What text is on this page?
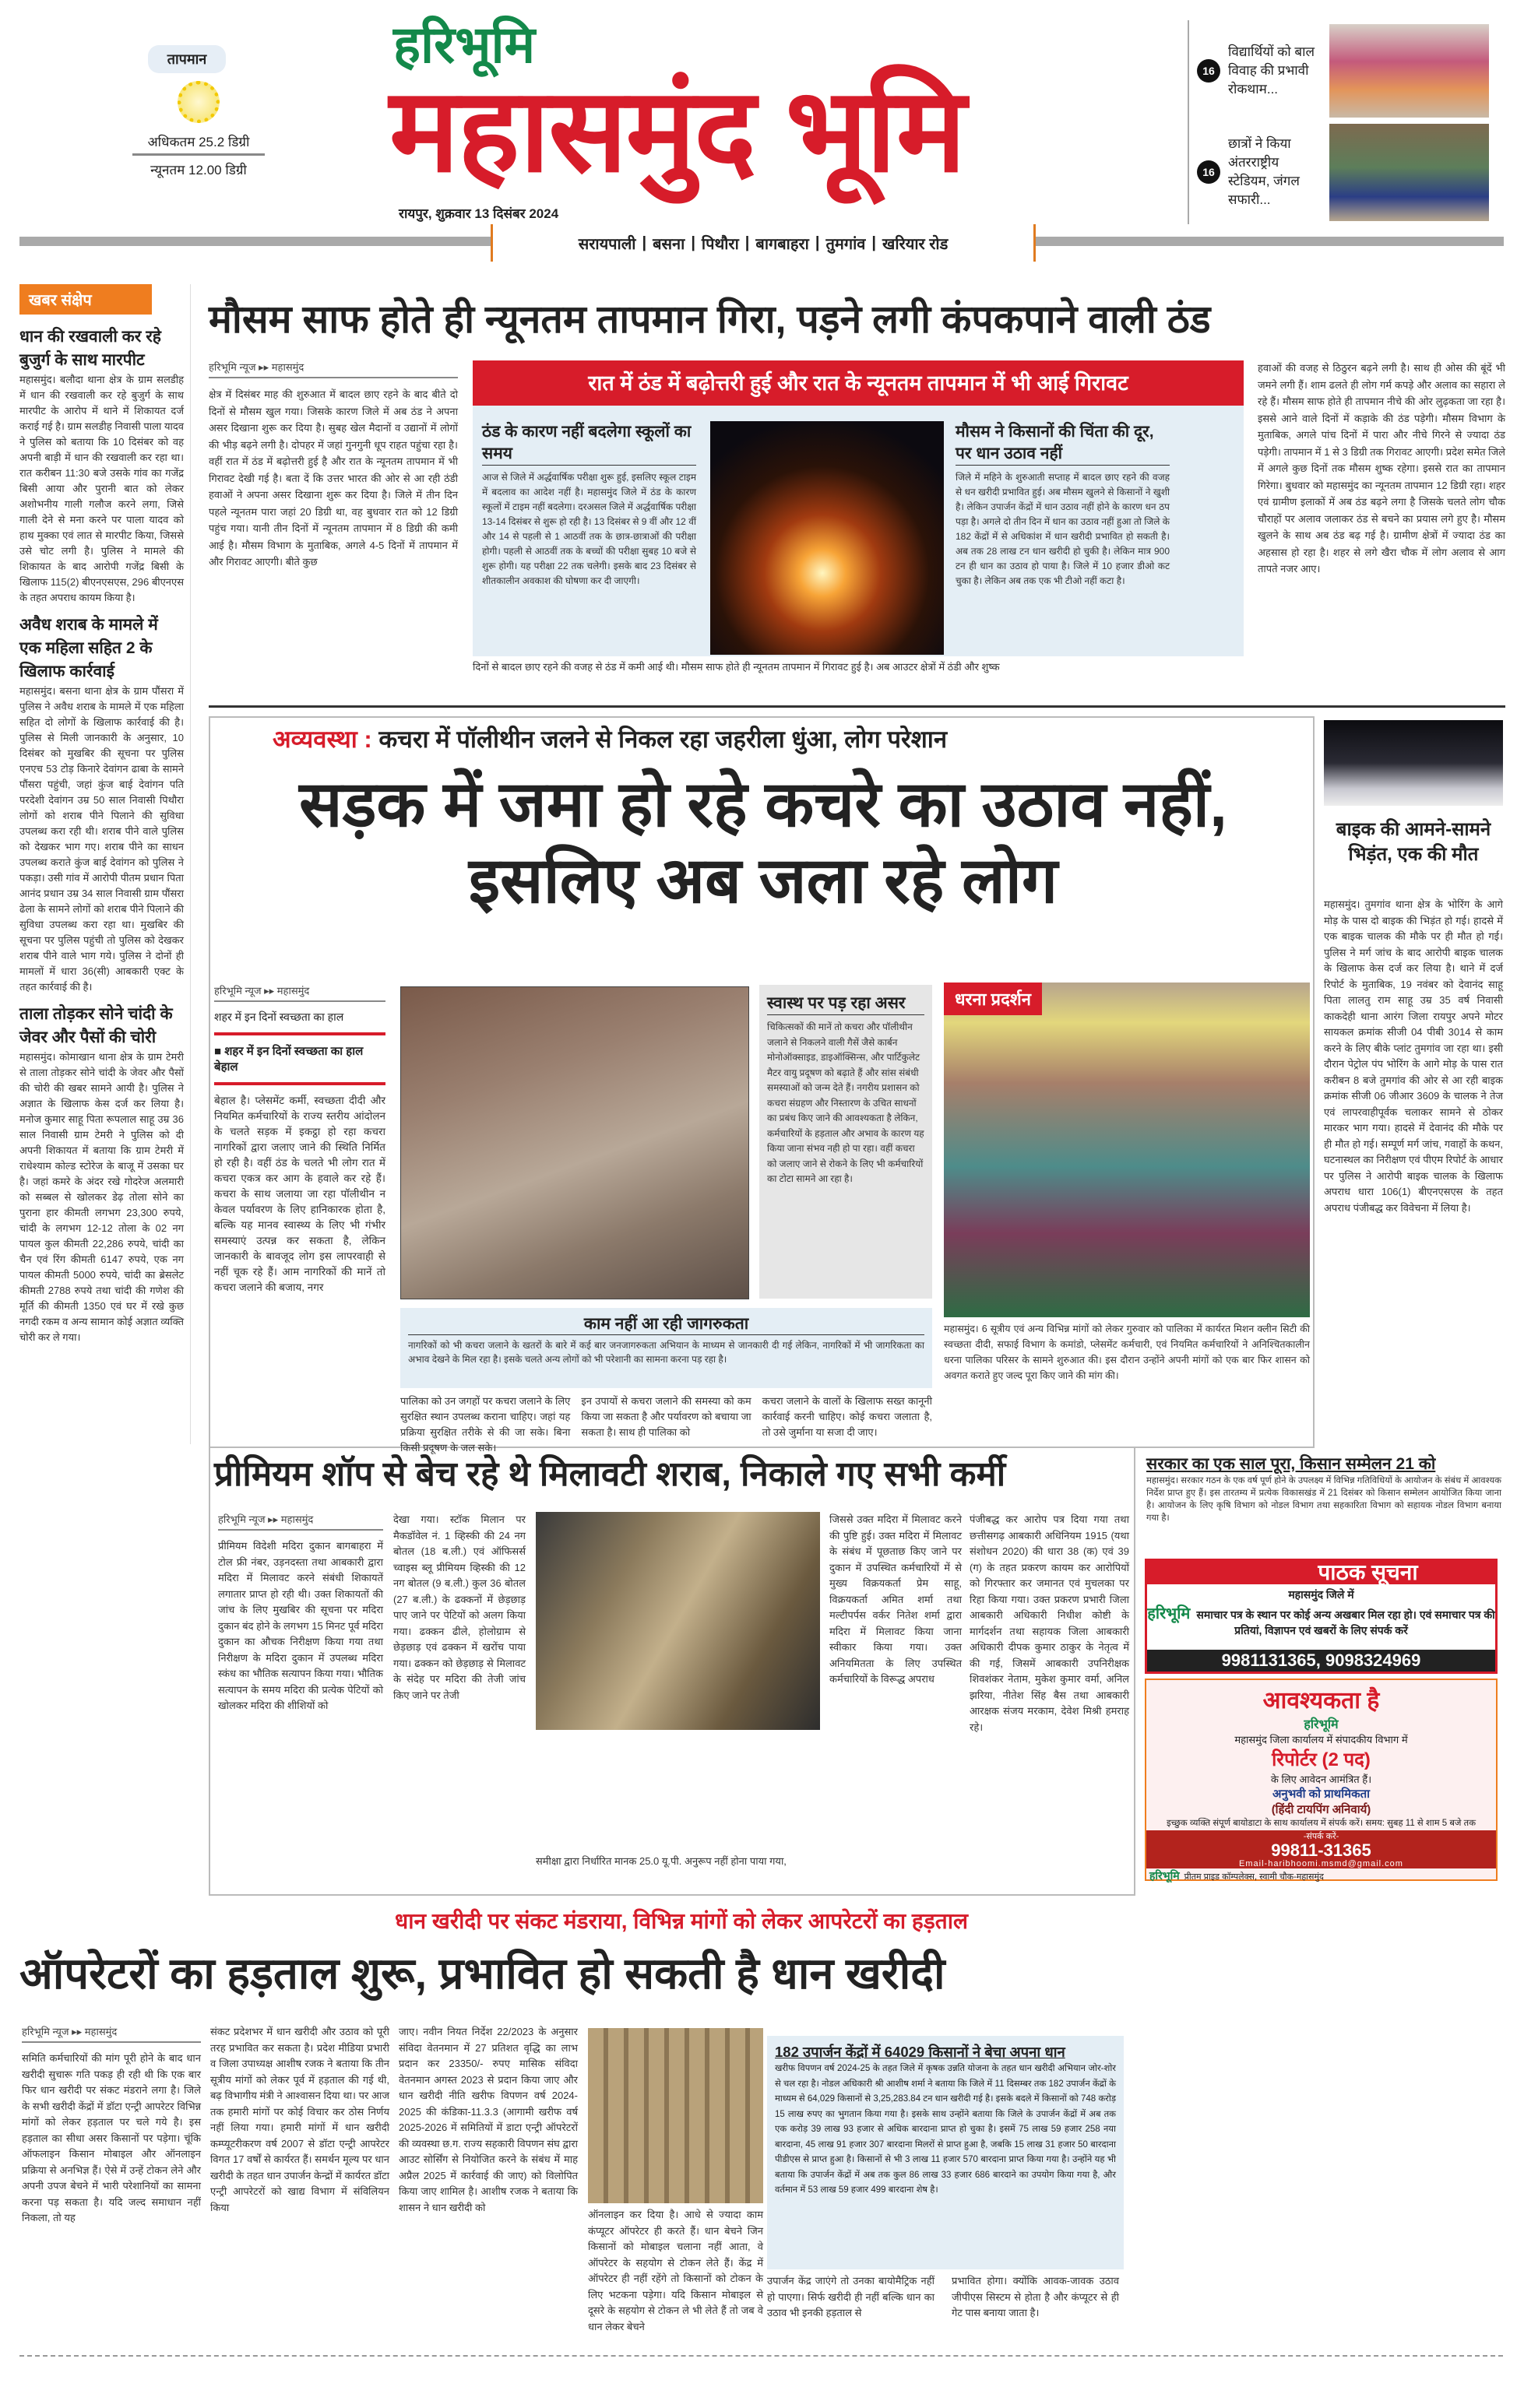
तापमान
अधिकतम 25.2 डिग्री
न्यूनतम 12.00 डिग्री
हरिभूमि
महासमुंद भूमि
रायपुर, शुक्रवार 13 दिसंबर 2024
16
विद्यार्थियों को बाल विवाह की प्रभावी रोकथाम...
16
छात्रों ने किया अंतरराष्ट्रीय स्टेडियम, जंगल सफारी...
सरायपाली | बसना | पिथौरा | बागबाहरा | तुमगांव | खरियार रोड
खबर संक्षेप
धान की रखवाली कर रहे बुजुर्ग के साथ मारपीट
महासमुंद। बलौदा थाना क्षेत्र के ग्राम सलडीह में धान की रखवाली कर रहे बुजुर्ग के साथ मारपीट के आरोप में थाने में शिकायत दर्ज कराई गई है। ग्राम सलडीह निवासी पाला यादव ने पुलिस को बताया कि 10 दिसंबर को वह अपनी बाड़ी में धान की रखवाली कर रहा था। रात करीबन 11:30 बजे उसके गांव का गजेंद्र बिसी आया और पुरानी बात को लेकर अशोभनीय गाली गलौज करने लगा, जिसे गाली देने से मना करने पर पाला यादव को हाथ मुक्का एवं लात से मारपीट किया, जिससे उसे चोट लगी है। पुलिस ने मामले की शिकायत के बाद आरोपी गजेंद्र बिसी के खिलाफ 115(2) बीएनएसएस, 296 बीएनएस के तहत अपराध कायम किया है।
अवैध शराब के मामले में एक महिला सहित 2 के खिलाफ कार्रवाई
महासमुंद। बसना थाना क्षेत्र के ग्राम पौंसरा में पुलिस ने अवैध शराब के मामले में एक महिला सहित दो लोगों के खिलाफ कार्रवाई की है। पुलिस से मिली जानकारी के अनुसार, 10 दिसंबर को मुखबिर की सूचना पर पुलिस एनएच 53 टोड़ किनारे देवांगन ढाबा के सामने पौंसरा पहुंची, जहां कुंज बाई देवांगन पति परदेशी देवांगन उम्र 50 साल निवासी पिथौरा लोगों को शराब पीने पिलाने की सुविधा उपलब्ध करा रही थी। शराब पीने वाले पुलिस को देखकर भाग गए। शराब पीने का साधन उपलब्ध कराते कुंज बाई देवांगन को पुलिस ने पकड़ा। उसी गांव में आरोपी पीतम प्रधान पिता आनंद प्रधान उम्र 34 साल निवासी ग्राम पौंसरा ढेला के सामने लोगों को शराब पीने पिलाने की सुविधा उपलब्ध करा रहा था। मुखबिर की सूचना पर पुलिस पहुंची तो पुलिस को देखकर शराब पीने वाले भाग गये। पुलिस ने दोनों ही मामलों में धारा 36(सी) आबकारी एक्ट के तहत कार्रवाई की है।
ताला तोड़कर सोने चांदी के जेवर और पैसों की चोरी
महासमुंद। कोमाखान थाना क्षेत्र के ग्राम टेमरी से ताला तोड़कर सोने चांदी के जेवर और पैसों की चोरी की खबर सामने आयी है। पुलिस ने अज्ञात के खिलाफ केस दर्ज कर लिया है। मनोज कुमार साहू पिता रूपलाल साहू उम्र 36 साल निवासी ग्राम टेमरी ने पुलिस को दी अपनी शिकायत में बताया कि ग्राम टेमरी में राधेश्याम कोल्ड स्टोरेज के बाजू में उसका घर है। जहां कमरे के अंदर रखे गोदरेज अलमारी को सब्बल से खोलकर डेढ़ तोला सोने का पुराना हार कीमती लगभग 23,300 रुपये, चांदी के लगभग 12-12 तोला के 02 नग पायल कुल कीमती 22,286 रुपये, चांदी का चैन एवं रिंग कीमती 6147 रुपये, एक नग पायल कीमती 5000 रुपये, चांदी का ब्रेसलेट कीमती 2788 रुपये तथा चांदी की गणेश की मूर्ति की कीमती 1350 एवं घर में रखे कुछ नगदी रकम व अन्य सामान कोई अज्ञात व्यक्ति चोरी कर ले गया।
मौसम साफ होते ही न्यूनतम तापमान गिरा, पड़ने लगी कंपकपाने वाली ठंड
हरिभूमि न्यूज ▸▸ महासमुंद
क्षेत्र में दिसंबर माह की शुरुआत में बादल छाए रहने के बाद बीते दो दिनों से मौसम खुल गया। जिसके कारण जिले में अब ठंड ने अपना असर दिखाना शुरू कर दिया है। सुबह खेल मैदानों व उद्यानों में लोगों की भीड़ बढ़ने लगी है। दोपहर में जहां गुनगुनी धूप राहत पहुंचा रहा है। वहीं रात में ठंड में बढ़ोत्तरी हुई है और रात के न्यूनतम तापमान में भी गिरावट देखी गई है। बता दें कि उत्तर भारत की ओर से आ रही ठंडी हवाओं ने अपना असर दिखाना शुरू कर दिया है। जिले में तीन दिन पहले न्यूनतम पारा जहां 20 डिग्री था, वह बुधवार रात को 12 डिग्री पहुंच गया। यानी तीन दिनों में न्यूनतम तापमान में 8 डिग्री की कमी आई है। मौसम विभाग के मुताबिक, अगले 4-5 दिनों में तापमान में और गिरावट आएगी। बीते कुछ
रात में ठंड में बढ़ोत्तरी हुई और रात के न्यूनतम तापमान में भी आई गिरावट
ठंड के कारण नहीं बदलेगा स्कूलों का समय
आज से जिले में अर्द्धवार्षिक परीक्षा शुरू हुई, इसलिए स्कूल टाइम में बदलाव का आदेश नहीं है। महासमुंद जिले में ठंड के कारण स्कूलों में टाइम नहीं बदलेगा। दरअसल जिले में अर्द्धवार्षिक परीक्षा 13-14 दिसंबर से शुरू हो रही है। 13 दिसंबर से 9 वीं और 12 वीं और 14 से पहली से 1 आठवीं तक के छात्र-छात्राओं की परीक्षा होगी। पहली से आठवीं तक के बच्चों की परीक्षा सुबह 10 बजे से शुरू होगी। यह परीक्षा 22 तक चलेगी। इसके बाद 23 दिसंबर से शीतकालीन अवकाश की घोषणा कर दी जाएगी।
मौसम ने किसानों की चिंता की दूर, पर धान उठाव नहीं
जिले में महिने के शुरुआती सप्ताह में बादल छाए रहने की वजह से धन खरीदी प्रभावित हुई। अब मौसम खुलने से किसानों ने खुशी है। लेकिन उपार्जन केंद्रों में धान उठाव नहीं होने के कारण धन ठप पड़ा है। अगले दो तीन दिन में धान का उठाव नहीं हुआ तो जिले के 182 केंद्रों में से अधिकांश में धान खरीदी प्रभावित हो सकती है। अब तक 28 लाख टन धान खरीदी हो चुकी है। लेकिन मात्र 900 टन ही धान का उठाव हो पाया है। जिले में 10 हजार डीओ कट चुका है। लेकिन अब तक एक भी टीओ नहीं कटा है।
दिनों से बादल छाए रहने की वजह से ठंड में कमी आई थी। मौसम साफ होते ही न्यूनतम तापमान में गिरावट हुई है। अब आउटर क्षेत्रों में ठंडी और शुष्क
हवाओं की वजह से ठिठुरन बढ़ने लगी है। साथ ही ओस की बूंदें भी जमने लगी हैं। शाम ढलते ही लोग गर्म कपड़े और अलाव का सहारा ले रहे हैं। मौसम साफ होते ही तापमान नीचे की ओर लुढ़कता जा रहा है। इससे आने वाले दिनों में कड़ाके की ठंड पड़ेगी। मौसम विभाग के मुताबिक, अगले पांच दिनों में पारा और नीचे गिरने से ज्यादा ठंड पड़ेगी। तापमान में 1 से 3 डिग्री तक गिरावट आएगी। प्रदेश समेत जिले में अगले कुछ दिनों तक मौसम शुष्क रहेगा। इससे रात का तापमान गिरेगा। बुधवार को महासमुंद का न्यूनतम तापमान 12 डिग्री रहा। शहर एवं ग्रामीण इलाकों में अब ठंड बढ़ने लगा है जिसके चलते लोग चौक चौराहों पर अलाव जलाकर ठंड से बचने का प्रयास लगे हुए है। मौसम खुलने के साथ अब ठंड बढ़ गई है। ग्रामीण क्षेत्रों में ज्यादा ठंड का अहसास हो रहा है। शहर से लगे खैरा चौक में लोग अलाव से आग तापते नजर आए।
अव्यवस्था : कचरा में पॉलीथीन जलने से निकल रहा जहरीला धुंआ, लोग परेशान
सड़क में जमा हो रहे कचरे का उठाव नहीं, इसलिए अब जला रहे लोग
हरिभूमि न्यूज ▸▸ महासमुंद
शहर में इन दिनों स्वच्छता का हाल
■ शहर में इन दिनों स्वच्छता का हाल बेहाल
बेहाल है। प्लेसमेंट कर्मी, स्वच्छता दीदी और नियमित कर्मचारियों के राज्य स्तरीय आंदोलन के चलते सड़क में इकट्ठा हो रहा कचरा नागरिकों द्वारा जलाए जाने की स्थिति निर्मित हो रही है। वहीं ठंड के चलते भी लोग रात में कचरा एकत्र कर आग के हवाले कर रहे हैं। कचरा के साथ जलाया जा रहा पॉलीथीन न केवल पर्यावरण के लिए हानिकारक होता है, बल्कि यह मानव स्वास्थ्य के लिए भी गंभीर समस्याएं उत्पन्न कर सकता है, लेकिन जानकारी के बावजूद लोग इस लापरवाही से नहीं चूक रहे हैं। आम नागरिकों की मानें तो कचरा जलाने की बजाय, नगर
स्वास्थ पर पड़ रहा असर
चिकित्सकों की मानें तो कचरा और पॉलीथीन जलाने से निकलने वाली गैसें जैसे कार्बन मोनोऑक्साइड, डाइऑक्सिन्स, और पार्टिकुलेट मैटर वायु प्रदूषण को बढ़ाते हैं और सांस संबंधी समस्याओं को जन्म देते हैं। नगरीय प्रशासन को कचरा संग्रहण और निस्तारण के उचित साधनों का प्रबंध किए जाने की आवश्यकता है लेकिन, कर्मचारियों के हड़ताल और अभाव के कारण यह किया जाना संभव नही हो पा रहा। वहीं कचरा को जलाए जाने से रोकने के लिए भी कर्मचारियों का टोटा सामने आ रहा है।
काम नहीं आ रही जागरुकता
नागरिकों को भी कचरा जलाने के खतरों के बारे में कई बार जनजागरुकता अभियान के माध्यम से जानकारी दी गई लेकिन, नागरिकों में भी जागरिकता का अभाव देखने के मिल रहा है। इसके चलते अन्य लोगों को भी परेशानी का सामना करना पड़ रहा है।
पालिका को उन जगहों पर कचरा जलाने के लिए सुरक्षित स्थान उपलब्ध कराना चाहिए। जहां यह प्रक्रिया सुरक्षित तरीके से की जा सके। बिना किसी प्रदूषण के जल सके।
इन उपायों से कचरा जलाने की समस्या को कम किया जा सकता है और पर्यावरण को बचाया जा सकता है। साथ ही पालिका को
कचरा जलाने के वालों के खिलाफ सख्त कानूनी कार्रवाई करनी चाहिए। कोई कचरा जलाता है, तो उसे जुर्माना या सजा दी जाए।
धरना प्रदर्शन
महासमुंद। 6 सूत्रीय एवं अन्य विभिन्न मांगों को लेकर गुरुवार को पालिका में कार्यरत मिशन क्लीन सिटी की स्वच्छता दीदी, सफाई विभाग के कमांडो, प्लेसमेंट कर्मचारी, एवं नियमित कर्मचारियों ने अनिश्चितकालीन धरना पालिका परिसर के सामने शुरुआत की। इस दौरान उन्होंने अपनी मांगों को एक बार फिर शासन को अवगत कराते हुए जल्द पूरा किए जाने की मांग की।
बाइक की आमने-सामने भिड़ंत, एक की मौत
महासमुंद। तुमगांव थाना क्षेत्र के भोरिंग के आगे मोड़ के पास दो बाइक की भिड़ंत हो गई। हादसे में एक बाइक चालक की मौके पर ही मौत हो गई। पुलिस ने मर्ग जांच के बाद आरोपी बाइक चालक के खिलाफ केस दर्ज कर लिया है। थाने में दर्ज रिपोर्ट के मुताबिक, 19 नवंबर को देवानंद साहू पिता लालतु राम साहू उम्र 35 वर्ष निवासी काकदेही थाना आरंग जिला रायपुर अपने मोटर सायकल क्रमांक सीजी 04 पीबी 3014 से काम करने के लिए बीके प्लांट तुमगांव जा रहा था। इसी दौरान पेट्रोल पंप भोरिंग के आगे मोड़ के पास रात करीबन 8 बजे तुमगांव की ओर से आ रही बाइक क्रमांक सीजी 06 जीआर 3609 के चालक ने तेज एवं लापरवाहीपूर्वक चलाकर सामने से ठोकर मारकर भाग गया। हादसे में देवानंद की मौके पर ही मौत हो गई। सम्पूर्ण मर्ग जांच, गवाहों के कथन, घटनास्थल का निरीक्षण एवं पीएम रिपोर्ट के आधार पर पुलिस ने आरोपी बाइक चालक के खिलाफ अपराध धारा 106(1) बीएनएसएस के तहत अपराध पंजीबद्ध कर विवेचना में लिया है।
प्रीमियम शॉप से बेच रहे थे मिलावटी शराब, निकाले गए सभी कर्मी
हरिभूमि न्यूज ▸▸ महासमुंद
प्रीमियम विदेशी मदिरा दुकान बागबाहरा में टोल फ्री नंबर, उड़नदस्ता तथा आबकारी द्वारा मदिरा में मिलावट करने संबंधी शिकायतें लगातार प्राप्त हो रही थी। उक्त शिकायतों की जांच के लिए मुखबिर की सूचना पर मदिरा दुकान बंद होने के लगभग 15 मिनट पूर्व मदिरा दुकान का औचक निरीक्षण किया गया तथा निरीक्षण के मदिरा दुकान में उपलब्ध मदिरा स्कंध का भौतिक सत्यापन किया गया। भौतिक सत्यापन के समय मदिरा की प्रत्येक पेटियों को खोलकर मदिरा की शीशियों को
देखा गया। स्टॉक मिलान पर मैकडॉवेल नं. 1 व्हिस्की की 24 नग बोतल (18 ब.ली.) एवं ऑफिसर्स च्वाइस ब्लू प्रीमियम व्हिस्की की 12 नग बोतल (9 ब.ली.) कुल 36 बोतल (27 ब.ली.) के ढक्कनों में छेड़छाड़ पाए जाने पर पेटियों को अलग किया गया। ढक्कन ढीले, होलोग्राम से छेड़छाड़ एवं ढक्कन में खरोंच पाया गया। ढक्कन को छेड़छाड़ से मिलावट के संदेह पर मदिरा की तेजी जांच किए जाने पर तेजी
समीक्षा द्वारा निर्धारित मानक 25.0 यू.पी. अनुरूप नहीं होना पाया गया,
जिससे उक्त मदिरा में मिलावट करने की पुष्टि हुई। उक्त मदिरा में मिलावट के संबंध में पूछताछ किए जाने पर दुकान में उपस्थित कर्मचारियों में से मुख्य विक्रयकर्ता प्रेम साहू, विक्रयकर्ता अमित शर्मा तथा मल्टीपर्पस वर्कर नितेश शर्मा द्वारा मदिरा में मिलावट किया जाना स्वीकार किया गया। उक्त अनियमितता के लिए उपस्थित कर्मचारियों के विरूद्ध अपराध
पंजीबद्ध कर आरोप पत्र दिया गया तथा छत्तीसगढ़ आबकारी अधिनियम 1915 (यथा संशोधन 2020) की धारा 38 (क) एवं 39 (ग) के तहत प्रकरण कायम कर आरोपियों को गिरफ्तार कर जमानत एवं मुचलका पर रिहा किया गया। उक्त प्रकरण प्रभारी जिला आबकारी अधिकारी निधीश कोष्टी के मार्गदर्शन तथा सहायक जिला आबकारी अधिकारी दीपक कुमार ठाकुर के नेतृत्व में की गई, जिसमें आबकारी उपनिरीक्षक शिवशंकर नेताम, मुकेश कुमार वर्मा, अनिल झरिया, नीतेश सिंह बैस तथा आबकारी आरक्षक संजय मरकाम, देवेश मिश्री हमराह रहे।
सरकार का एक साल पूरा, किसान सम्मेलन 21 को
महासमुंद। सरकार गठन के एक वर्ष पूर्ण होने के उपलक्ष्य में विभिन्न गतिविधियों के आयोजन के संबंध में आवश्यक निर्देश प्राप्त हुए हैं। इस तारतम्य में प्रत्येक विकासखंड में 21 दिसंबर को किसान सम्मेलन आयोजित किया जाना है। आयोजन के लिए कृषि विभाग को नोडल विभाग तथा सहकारिता विभाग को सहायक नोडल विभाग बनाया गया है।
पाठक सूचना
महासमुंद जिले में
हरिभूमि समाचार पत्र के स्थान पर कोई अन्य अखबार मिल रहा हो। एवं समाचार पत्र की प्रतियां, विज्ञापन एवं खबरों के लिए संपर्क करें
9981131365, 9098324969
आवश्यकता है
हरिभूमि
महासमुंद जिला कार्यालय में संपादकीय विभाग में
रिपोर्टर (2 पद)
के लिए आवेदन आमंत्रित हैं।
अनुभवी को प्राथमिकता
(हिंदी टायपिंग अनिवार्य)
इच्छुक व्यक्ति संपूर्ण बायोडाटा के साथ कार्यालय में संपर्क करें। समय: सुबह 11 से शाम 5 बजे तक
-संपर्क करें-
99811-31365
Email-haribhoomi.msmd@gmail.com
हरिभूमि प्रीतम प्राइड कॉम्पलेक्स, स्वामी चौक-महासमुंद
धान खरीदी पर संकट मंडराया, विभिन्न मांगों को लेकर आपरेटरों का हड़ताल
ऑपरेटरों का हड़ताल शुरू, प्रभावित हो सकती है धान खरीदी
हरिभूमि न्यूज ▸▸ महासमुंद
समिति कर्मचारियों की मांग पूरी होने के बाद धान खरीदी सुचारू गति पकड़ ही रही थी कि एक बार फिर धान खरीदी पर संकट मंडराने लगा है। जिले के सभी खरीदी केंद्रों में डॉटा एन्ट्री आपरेटर विभिन्न मांगों को लेकर हड़ताल पर चले गये है। इस हड़ताल का सीधा असर किसानों पर पड़ेगा। चूंकि ऑफलाइन किसान मोबाइल और ऑनलाइन प्रक्रिया से अनभिज्ञ हैं। ऐसे में उन्हें टोकन लेने और अपनी उपज बेचने में भारी परेशानियों का सामना करना पड़ सकता है। यदि जल्द समाधान नहीं निकला, तो यह
संकट प्रदेशभर में धान खरीदी और उठाव को पूरी तरह प्रभावित कर सकता है। प्रदेश मीडिया प्रभारी व जिला उपाध्यक्ष आशीष रजक ने बताया कि तीन सूत्रीय मांगों को लेकर पूर्व में हड़ताल की गई थी, बढ़ विभागीय मंत्री ने आश्वासन दिया था। पर आज तक हमारी मांगों पर कोई विचार कर ठोस निर्णय नहीं लिया गया। हमारी मांगों में धान खरीदी कम्प्यूटरीकरण वर्ष 2007 से डॉटा एन्ट्री आपरेटर विगत 17 वर्षों से कार्यरत हैं। समर्थन मूल्य पर धान खरीदी के तहत धान उपार्जन केन्द्रों में कार्यरत डॉटा एन्ट्री आपरेटरों को खाद्य विभाग में संविलियन किया
जाए। नवीन नियत निर्देश 22/2023 के अनुसार संविदा वेतनमान में 27 प्रतिशत वृद्धि का लाभ प्रदान कर 23350/- रुपए मासिक संविदा वेतनमान अगस्त 2023 से प्रदान किया जाए और धान खरीदी नीति खरीफ विपणन वर्ष 2024-2025 की कंडिका-11.3.3 (आगामी खरीफ वर्ष 2025-2026 में समितियों में डाटा एन्ट्री ऑपरेटरों की व्यवस्था छ.ग. राज्य सहकारी विपणन संघ द्वारा आउट सोर्सिंग से नियोजित करने के संबंध में माह अप्रैल 2025 में कार्रवाई की जाए) को विलोपित किया जाए शामिल है। आशीष रजक ने बताया कि शासन ने धान खरीदी को
ऑनलाइन कर दिया है। आधे से ज्यादा काम कंप्यूटर ऑपरेटर ही करते हैं। धान बेचने जिन किसानों को मोबाइल चलाना नहीं आता, वे ऑपरेटर के सहयोग से टोकन लेते हैं। केंद्र में ऑपरेटर ही नहीं रहेंगे तो किसानों को टोकन के लिए भटकना पड़ेगा। यदि किसान मोबाइल से दूसरे के सहयोग से टोकन ले भी लेते हैं तो जब वे धान लेकर बेचने
182 उपार्जन केंद्रों में 64029 किसानों ने बेचा अपना धान
खरीफ विपणन वर्ष 2024-25 के तहत जिले में कृषक उन्नति योजना के तहत धान खरीदी अभियान जोर-शोर से चल रहा है। नोडल अधिकारी श्री आशीष शर्मा ने बताया कि जिले में 11 दिसम्बर तक 182 उपार्जन केंद्रों के माध्यम से 64,029 किसानों से 3,25,283.84 टन धान खरीदी गई है। इसके बदले में किसानों को 748 करोड़ 15 लाख रुपए का भुगतान किया गया है। इसके साथ उन्होंने बताया कि जिले के उपार्जन केंद्रों में अब तक एक करोड़ 39 लाख 93 हजार से अधिक बारदाना प्राप्त हो चुका है। इसमें 75 लाख 59 हजार 258 नया बारदाना, 45 लाख 91 हजार 307 बारदाना मिलरों से प्राप्त हुआ है, जबकि 15 लाख 31 हजार 50 बारदाना पीडीएस से प्राप्त हुआ है। किसानों से भी 3 लाख 11 हजार 570 बारदाना प्राप्त किया गया है। उन्होंने यह भी बताया कि उपार्जन केंद्रों में अब तक कुल 86 लाख 33 हजार 686 बारदाने का उपयोग किया गया है, और वर्तमान में 53 लाख 59 हजार 499 बारदाना शेष है।
उपार्जन केंद्र जाएंगे तो उनका बायोमैट्रिक नहीं हो पाएगा। सिर्फ खरीदी ही नहीं बल्कि धान का उठाव भी इनकी हड़ताल से
प्रभावित होगा। क्योंकि आवक-जावक उठाव जीपीएस सिस्टम से होता है और कंप्यूटर से ही गेट पास बनाया जाता है।
